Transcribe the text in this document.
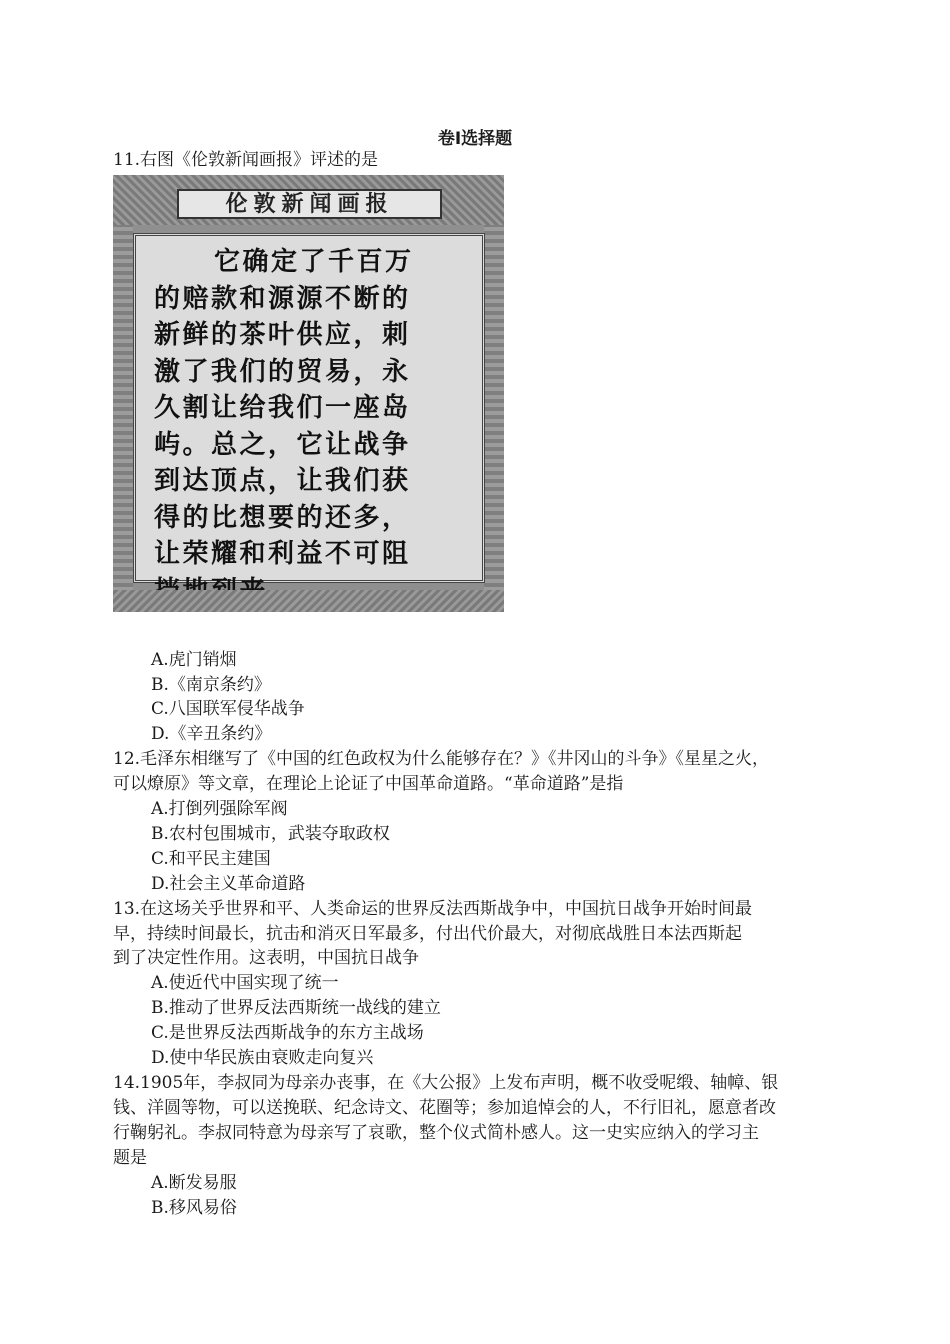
卷Ⅰ选择题
11.右图《伦敦新闻画报》评述的是
伦敦新闻画报
它确定了千百万
的赔款和源源不断的
新鲜的茶叶供应，刺
激了我们的贸易，永
久割让给我们一座岛
屿。总之，它让战争
到达顶点，让我们获
得的比想要的还多，
让荣耀和利益不可阻
A.虎门销烟
B.《南京条约》
C.八国联军侵华战争
D.《辛丑条约》
12.毛泽东相继写了《中国的红色政权为什么能够存在？》《井冈山的斗争》《星星之火，
可以燎原》等文章，在理论上论证了中国革命道路。“革命道路”是指
A.打倒列强除军阀
B.农村包围城市，武装夺取政权
C.和平民主建国
D.社会主义革命道路
13.在这场关乎世界和平、人类命运的世界反法西斯战争中，中国抗日战争开始时间最
早，持续时间最长，抗击和消灭日军最多，付出代价最大，对彻底战胜日本法西斯起
到了决定性作用。这表明，中国抗日战争
A.使近代中国实现了统一
B.推动了世界反法西斯统一战线的建立
C.是世界反法西斯战争的东方主战场
D.使中华民族由衰败走向复兴
14.1905年，李叔同为母亲办丧事，在《大公报》上发布声明，概不收受呢缎、轴幛、银
钱、洋圆等物，可以送挽联、纪念诗文、花圈等；参加追悼会的人，不行旧礼，愿意者改
行鞠躬礼。李叔同特意为母亲写了哀歌，整个仪式简朴感人。这一史实应纳入的学习主
题是
A.断发易服
B.移风易俗
